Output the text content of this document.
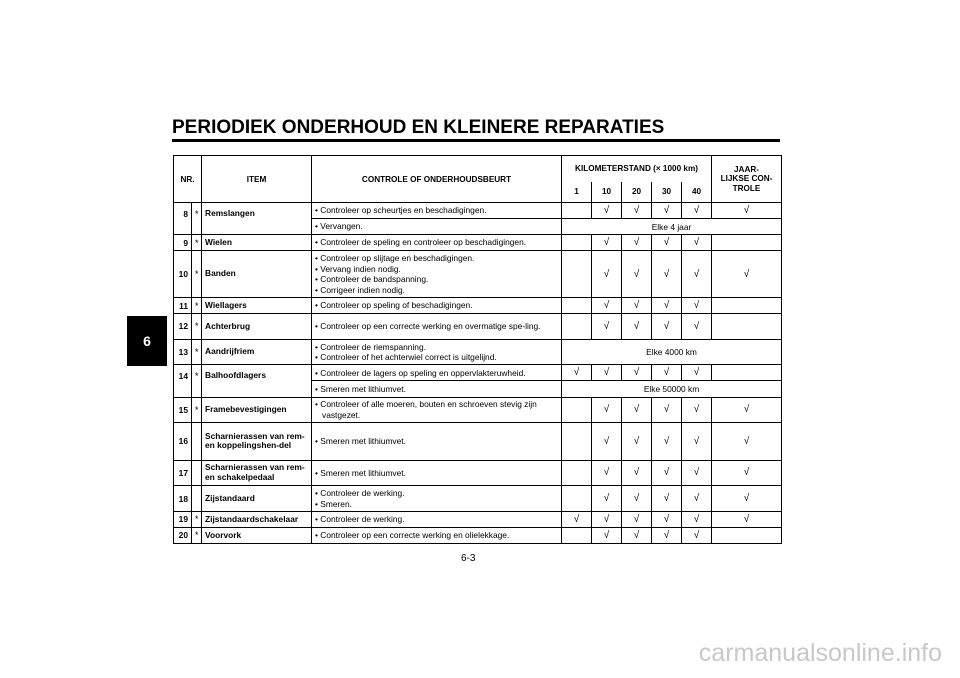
PERIODIEK ONDERHOUD EN KLEINERE REPARATIES
6
NR.		ITEM	CONTROLE OF ONDERHOUDSBEURT	KILOMETERSTAND (× 1000 km)					JAAR-LIJKSE CON-TROLE
				1	10	20	30	40	
8	*	Remslangen	• Controleer op scheurtjes en beschadigingen.		√	√	√	√	√

			• Vervangen.	Elke 4 jaar					
9	*	Wielen	• Controleer de speling en controleer op beschadigingen.		√	√	√	√	
10	*	Banden	• Controleer op slijtage en beschadigingen.
• Vervang indien nodig.
• Controleer de bandspanning.
• Corrigeer indien nodig.		√	√	√	√	√
11	*	Wiellagers	• Controleer op speling of beschadigingen.		√	√	√	√	
12	*	Achterbrug	• Controleer op een correcte werking en overmatige spe-ling.		√	√	√	√	
13	*	Aandrijfriem	• Controleer de riemspanning.
• Controleer of het achterwiel correct is uitgelijnd.	Elke 4000 km					
14	*	Balhoofdlagers	• Controleer de lagers op speling en oppervlakteruwheid.	√	√	√	√	√	

			• Smeren met lithiumvet.	Elke 50000 km					
15	*	Framebevestigingen	• Controleer of alle moeren, bouten en schroeven stevig zijn vastgezet.		√	√	√	√	√
16		Scharnierassen van rem- en koppelingshen-del	• Smeren met lithiumvet.		√	√	√	√	√
17		Scharnierassen van rem- en schakelpedaal	• Smeren met lithiumvet.		√	√	√	√	√
18		Zijstandaard	• Controleer de werking.
• Smeren.		√	√	√	√	√
19	*	Zijstandaardschakelaar	• Controleer de werking.	√	√	√	√	√	√
20	*	Voorvork	• Controleer op een correcte werking en olielekkage.		√	√	√	√	
6-3
carmanualsonline.info
